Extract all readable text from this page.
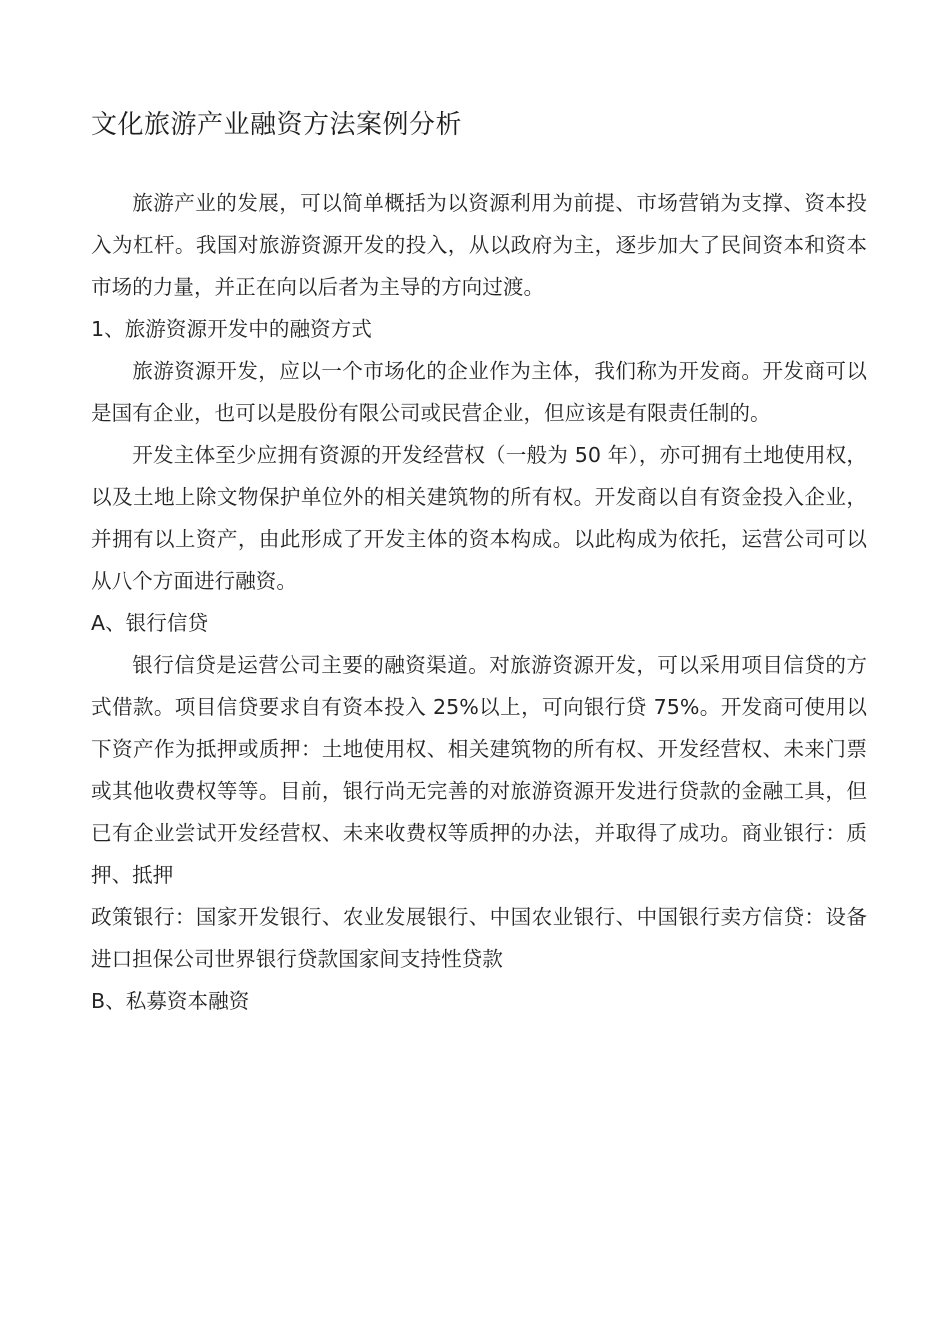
文化旅游产业融资方法案例分析

旅游产业的发展，可以简单概括为以资源利用为前提、市场营销为支撑、资本投入为杠杆。我国对旅游资源开发的投入，从以政府为主，逐步加大了民间资本和资本市场的力量，并正在向以后者为主导的方向过渡。

1、旅游资源开发中的融资方式

旅游资源开发，应以一个市场化的企业作为主体，我们称为开发商。开发商可以是国有企业，也可以是股份有限公司或民营企业，但应该是有限责任制的。

开发主体至少应拥有资源的开发经营权（一般为 50 年），亦可拥有土地使用权，以及土地上除文物保护单位外的相关建筑物的所有权。开发商以自有资金投入企业，并拥有以上资产，由此形成了开发主体的资本构成。以此构成为依托，运营公司可以从八个方面进行融资。

A、银行信贷

银行信贷是运营公司主要的融资渠道。对旅游资源开发，可以采用项目信贷的方式借款。项目信贷要求自有资本投入 25%以上，可向银行贷 75%。开发商可使用以下资产作为抵押或质押：土地使用权、相关建筑物的所有权、开发经营权、未来门票或其他收费权等等。目前，银行尚无完善的对旅游资源开发进行贷款的金融工具，但已有企业尝试开发经营权、未来收费权等质押的办法，并取得了成功。商业银行：质押、抵押

政策银行：国家开发银行、农业发展银行、中国农业银行、中国银行卖方信贷：设备进口担保公司世界银行贷款国家间支持性贷款

B、私募资本融资
